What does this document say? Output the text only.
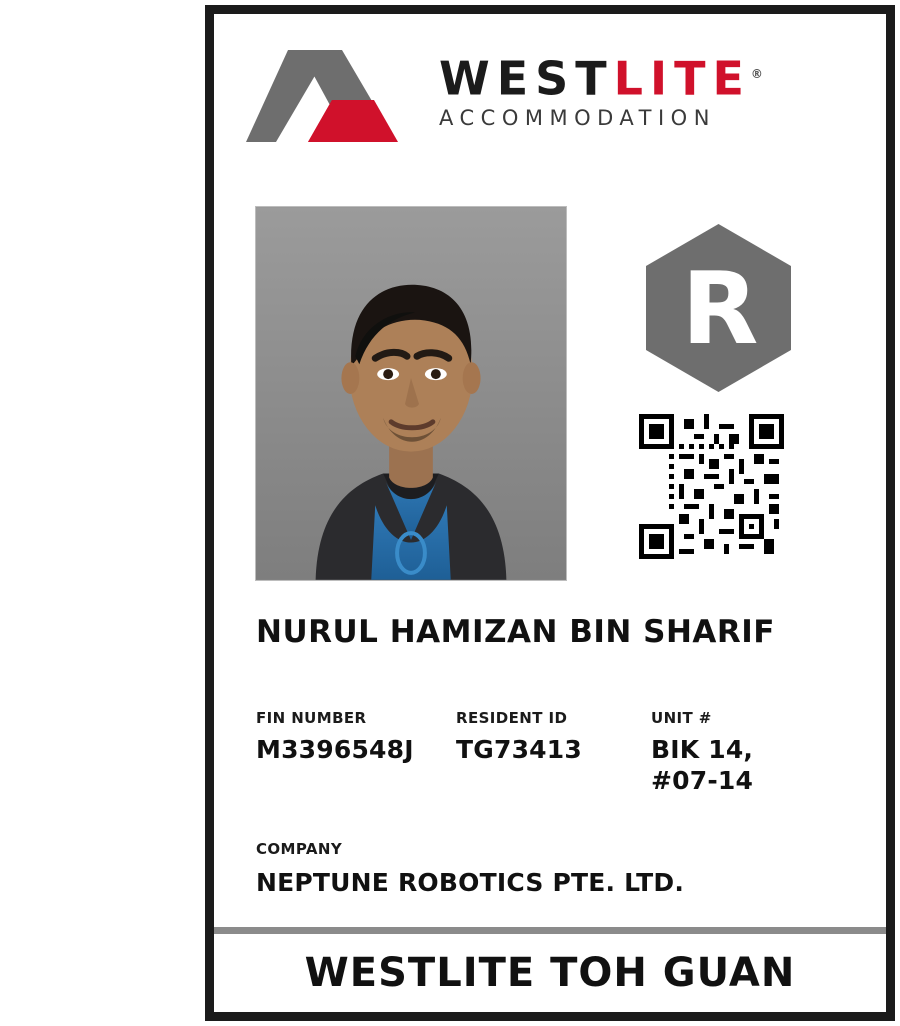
WESTLITE®
ACCOMMODATION
R
NURUL HAMIZAN BIN SHARIF
FIN NUMBER
M3396548J
RESIDENT ID
TG73413
UNIT #
BIK 14,
#07-14
COMPANY
NEPTUNE ROBOTICS PTE. LTD.
WESTLITE TOH GUAN
